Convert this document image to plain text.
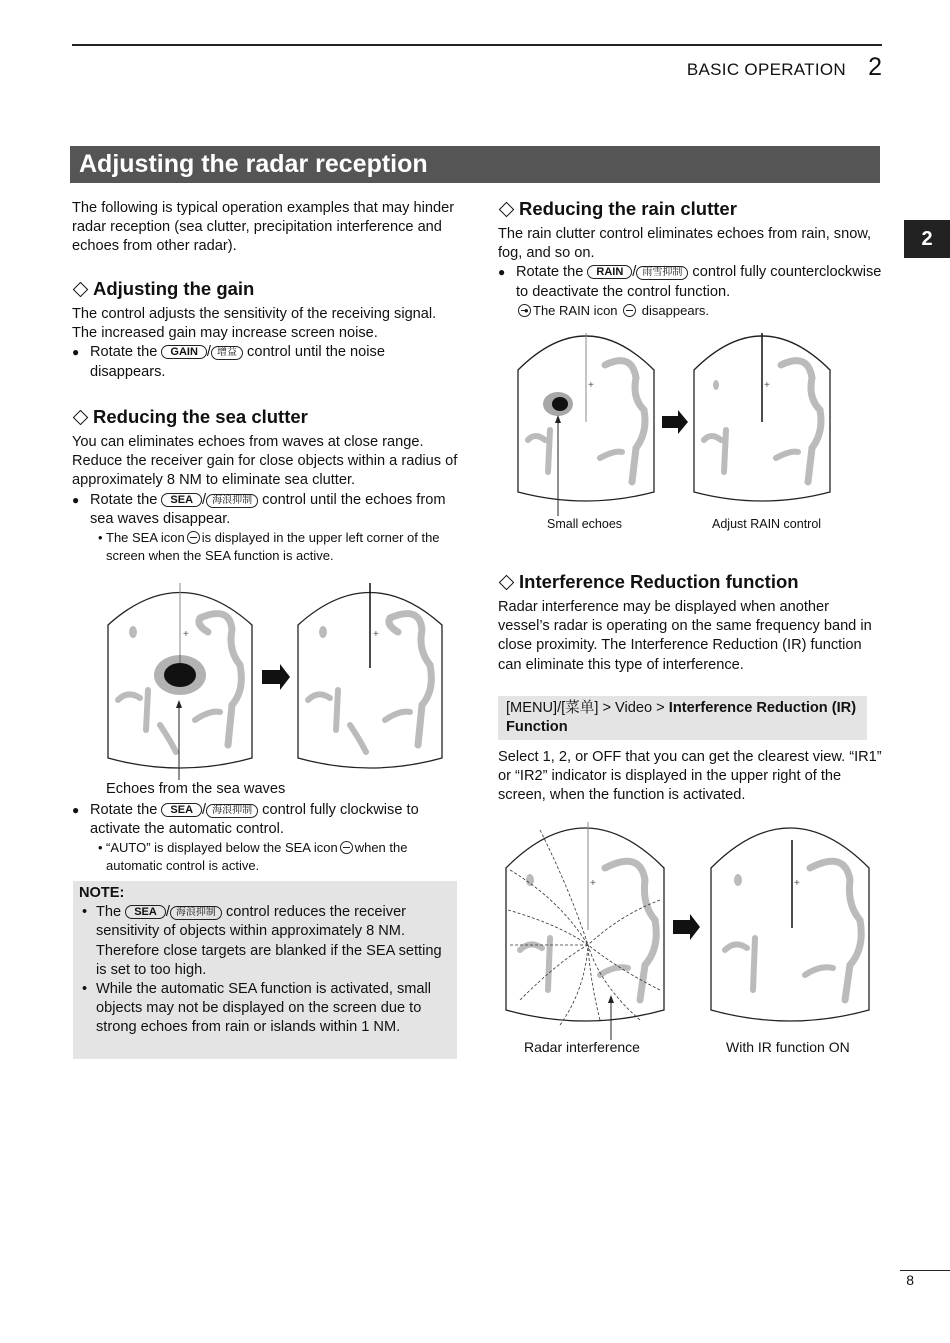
BASIC OPERATION 2
2
Adjusting the radar reception

The following is typical operation examples that may hinder radar reception (sea clutter, precipitation interference and echoes from other radar).

Adjusting the gain

The control adjusts the sensitivity of the receiving signal. The increased gain may increase screen noise.

● Rotate the GAIN / 增益 control until the noise disappears.
Reducing the sea clutter

You can eliminates echoes from waves at close range. Reduce the receiver gain for close objects within a radius of approximately 8 NM to eliminate sea clutter.

● Rotate the SEA / 海浪抑制 control until the echoes from sea waves disappear.
• The SEA icon is displayed in the upper left corner of the screen when the SEA function is active.
+	+
Echoes from the sea waves
● Rotate the SEA / 海浪抑制 control fully clockwise to activate the automatic control.
• “AUTO” is displayed below the SEA icon when the automatic control is active.
NOTE:
• The SEA / 海浪抑制 control reduces the receiver sensitivity of objects within approximately 8 NM. Therefore close targets are blanked if the SEA setting is set to too high.
• While the automatic SEA function is activated, small objects may not be displayed on the screen due to strong echoes from rain or islands within 1 NM.
Reducing the rain clutter

The rain clutter control eliminates echoes from rain, snow, fog, and so on.

● Rotate the RAIN / 雨雪抑制 control fully counterclockwise to deactivate the control function.
• The RAIN icon disappears.
+	+
Small echoes	Adjust RAIN control
Interference Reduction function

Radar interference may be displayed when another vessel’s radar is operating on the same frequency band in close proximity. The Interference Reduction (IR) function can eliminate this type of interference.

[MENU]/[菜单] > Video > Interference Reduction (IR) Function
Select 1, 2, or OFF that you can get the clearest view. “IR1” or “IR2” indicator is displayed in the upper right of the screen, when the function is activated.
+	+
Radar interference	With IR function ON
8
